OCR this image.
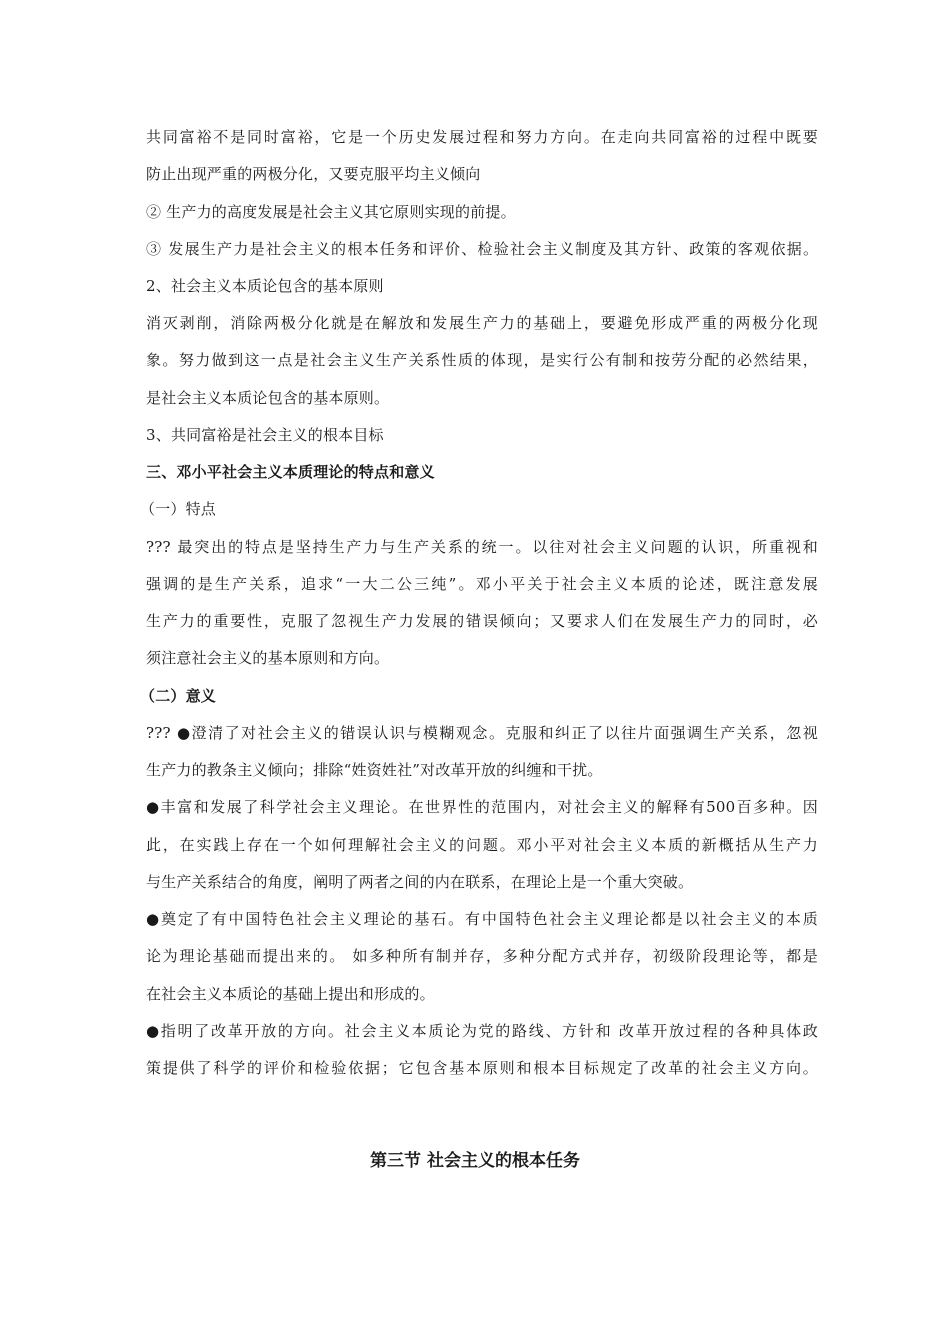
共同富裕不是同时富裕，它是一个历史发展过程和努力方向。在走向共同富裕的过程中既要
防止出现严重的两极分化，又要克服平均主义倾向
② 生产力的高度发展是社会主义其它原则实现的前提。
③ 发展生产力是社会主义的根本任务和评价、检验社会主义制度及其方针、政策的客观依据。
2、社会主义本质论包含的基本原则
消灭剥削，消除两极分化就是在解放和发展生产力的基础上，要避免形成严重的两极分化现
象。努力做到这一点是社会主义生产关系性质的体现，是实行公有制和按劳分配的必然结果，
是社会主义本质论包含的基本原则。
3、共同富裕是社会主义的根本目标
三、邓小平社会主义本质理论的特点和意义
（一）特点
??? 最突出的特点是坚持生产力与生产关系的统一。以往对社会主义问题的认识，所重视和
强调的是生产关系，追求“一大二公三纯”。邓小平关于社会主义本质的论述，既注意发展
生产力的重要性，克服了忽视生产力发展的错误倾向；又要求人们在发展生产力的同时，必
须注意社会主义的基本原则和方向。
（二）意义
??? ●澄清了对社会主义的错误认识与模糊观念。克服和纠正了以往片面强调生产关系，忽视
生产力的教条主义倾向；排除“姓资姓社”对改革开放的纠缠和干扰。
●丰富和发展了科学社会主义理论。在世界性的范围内，对社会主义的解释有500百多种。因
此，在实践上存在一个如何理解社会主义的问题。邓小平对社会主义本质的新概括从生产力
与生产关系结合的角度，阐明了两者之间的内在联系，在理论上是一个重大突破。
●奠定了有中国特色社会主义理论的基石。有中国特色社会主义理论都是以社会主义的本质
论为理论基础而提出来的。 如多种所有制并存，多种分配方式并存，初级阶段理论等，都是
在社会主义本质论的基础上提出和形成的。
●指明了改革开放的方向。社会主义本质论为党的路线、方针和 改革开放过程的各种具体政
策提供了科学的评价和检验依据；它包含基本原则和根本目标规定了改革的社会主义方向。
第三节 社会主义的根本任务
